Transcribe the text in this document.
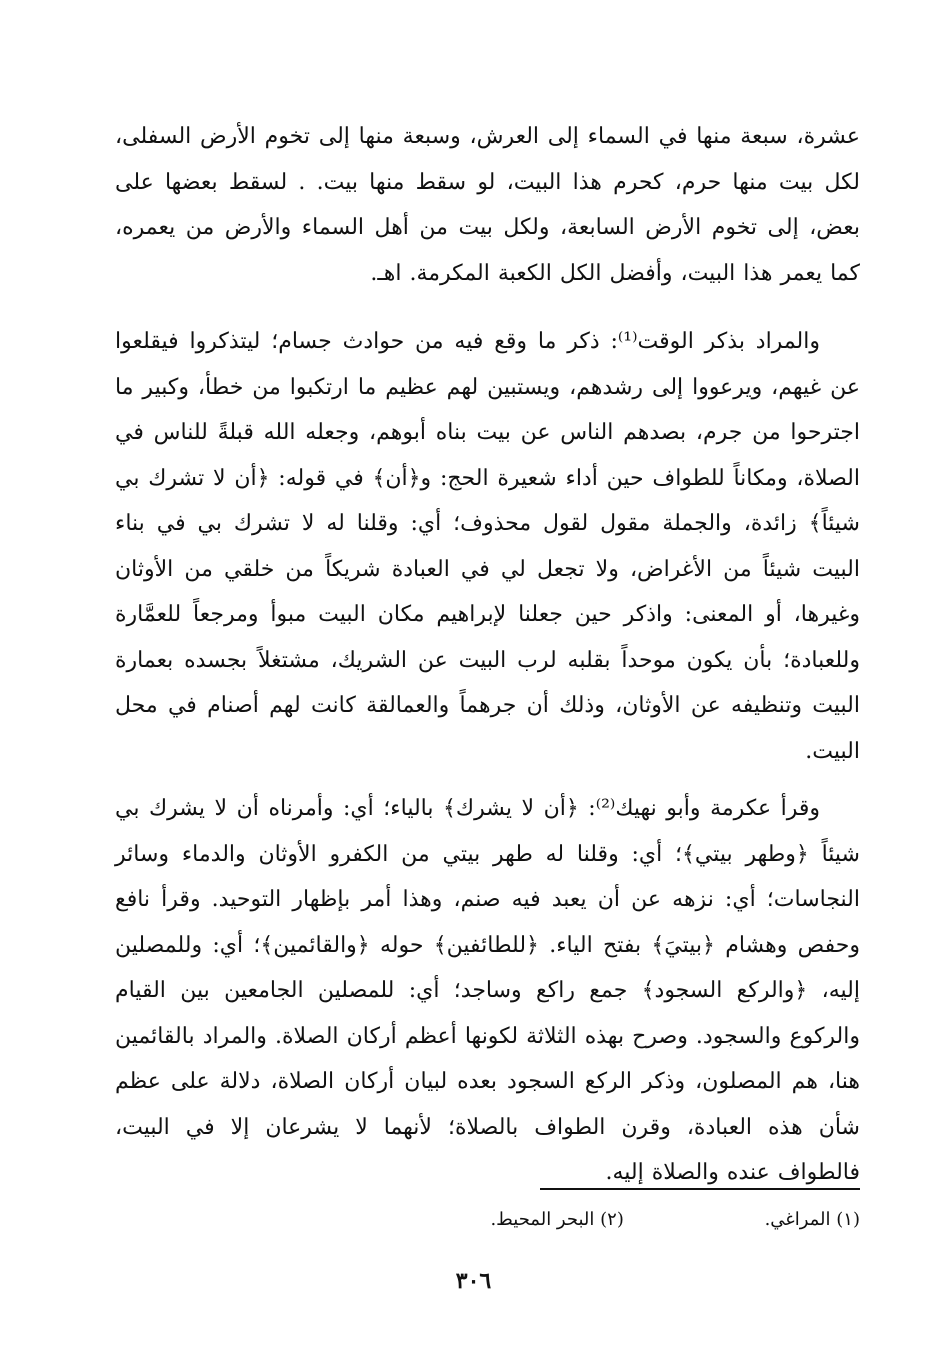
عشرة، سبعة منها في السماء إلى العرش، وسبعة منها إلى تخوم الأرض السفلى، لكل بيت منها حرم، كحرم هذا البيت، لو سقط منها بيت. . لسقط بعضها على بعض، إلى تخوم الأرض السابعة، ولكل بيت من أهل السماء والأرض من يعمره، كما يعمر هذا البيت، وأفضل الكل الكعبة المكرمة. اهـ.

والمراد بذكر الوقت⁽¹⁾: ذكر ما وقع فيه من حوادث جسام؛ ليتذكروا فيقلعوا عن غيهم، ويرعووا إلى رشدهم، ويستبين لهم عظيم ما ارتكبوا من خطأ، وكبير ما اجترحوا من جرم، بصدهم الناس عن بيت بناه أبوهم، وجعله الله قبلةً للناس في الصلاة، ومكاناً للطواف حين أداء شعيرة الحج: و﴿أن﴾ في قوله: ﴿أن لا تشرك بي شيئاً﴾ زائدة، والجملة مقول لقول محذوف؛ أي: وقلنا له لا تشرك بي في بناء البيت شيئاً من الأغراض، ولا تجعل لي في العبادة شريكاً من خلقي من الأوثان وغيرها، أو المعنى: واذكر حين جعلنا لإبراهيم مكان البيت مبوأ ومرجعاً للعمَّارة وللعبادة؛ بأن يكون موحداً بقلبه لرب البيت عن الشريك، مشتغلاً بجسده بعمارة البيت وتنظيفه عن الأوثان، وذلك أن جرهماً والعمالقة كانت لهم أصنام في محل البيت.

وقرأ عكرمة وأبو نهيك⁽²⁾: ﴿أن لا يشرك﴾ بالياء؛ أي: وأمرناه أن لا يشرك بي شيئاً ﴿وطهر بيتي﴾؛ أي: وقلنا له طهر بيتي من الكفرو الأوثان والدماء وسائر النجاسات؛ أي: نزهه عن أن يعبد فيه صنم، وهذا أمر بإظهار التوحيد. وقرأ نافع وحفص وهشام ﴿بيتيَ﴾ بفتح الياء. ﴿للطائفين﴾ حوله ﴿والقائمين﴾؛ أي: وللمصلين إليه، ﴿والركع السجود﴾ جمع راكع وساجد؛ أي: للمصلين الجامعين بين القيام والركوع والسجود. وصرح بهذه الثلاثة لكونها أعظم أركان الصلاة. والمراد بالقائمين هنا، هم المصلون، وذكر الركع السجود بعده لبيان أركان الصلاة، دلالة على عظم شأن هذه العبادة، وقرن الطواف بالصلاة؛ لأنهما لا يشرعان إلا في البيت، فالطواف عنده والصلاة إليه.

(١) المراغي. (٢) البحر المحيط.
٣٠٦
